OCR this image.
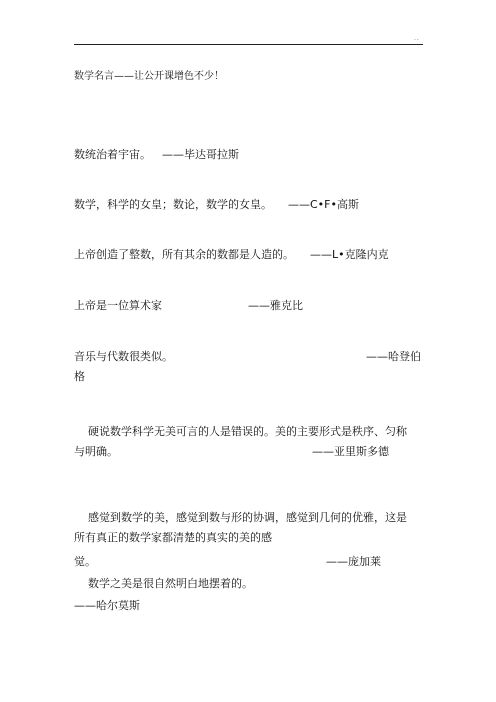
..
数学名言——让公开课增色不少！
数统治着宇宙。 ——毕达哥拉斯
数学，科学的女皇；数论，数学的女皇。 ——C•F•高斯
上帝创造了整数，所有其余的数都是人造的。 ——L•克隆内克
上帝是一位算术家	——雅克比
音乐与代数很类似。	——哈登伯
格
硬说数学科学无美可言的人是错误的。美的主要形式是秩序、匀称
与明确。	——亚里斯多德
感觉到数学的美，感觉到数与形的协调，感觉到几何的优雅，这是
所有真正的数学家都清楚的真实的美的感
觉。	——庞加莱
数学之美是很自然明白地摆着的。
——哈尔莫斯
